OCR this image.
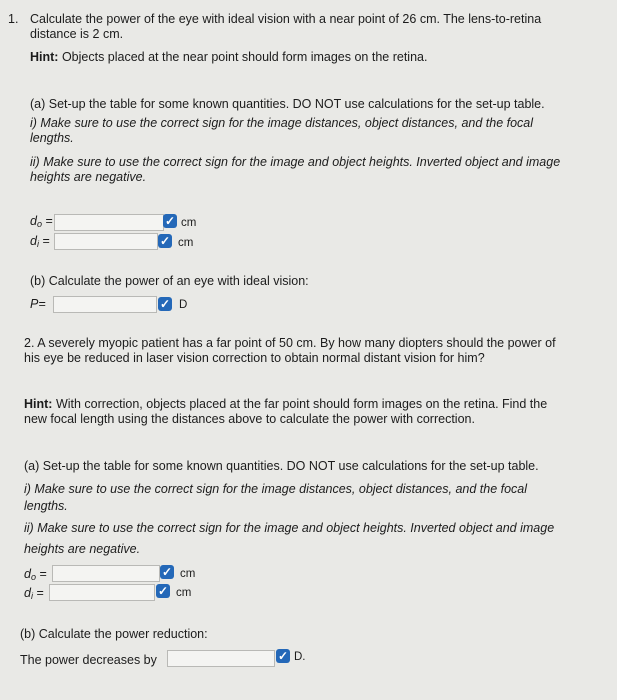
1. Calculate the power of the eye with ideal vision with a near point of 26 cm. The lens-to-retina
distance is 2 cm.
Hint: Objects placed at the near point should form images on the retina.
(a) Set-up the table for some known quantities. DO NOT use calculations for the set-up table.
i) Make sure to use the correct sign for the image distances, object distances, and the focal
lengths.
ii) Make sure to use the correct sign for the image and object heights. Inverted object and image
heights are negative.
$d_o$ =	✓ cm
$d_i$ =	✓ cm
(b) Calculate the power of an eye with ideal vision:
P=	✓ D
2. A severely myopic patient has a far point of 50 cm. By how many diopters should the power of
his eye be reduced in laser vision correction to obtain normal distant vision for him?
Hint: With correction, objects placed at the far point should form images on the retina. Find the
new focal length using the distances above to calculate the power with correction.
(a) Set-up the table for some known quantities. DO NOT use calculations for the set-up table.
i) Make sure to use the correct sign for the image distances, object distances, and the focal
lengths.
ii) Make sure to use the correct sign for the image and object heights. Inverted object and image
heights are negative.
$d_o$ =	✓ cm
$d_i$ =	✓ cm
(b) Calculate the power reduction:
The power decreases by	✓ D.
